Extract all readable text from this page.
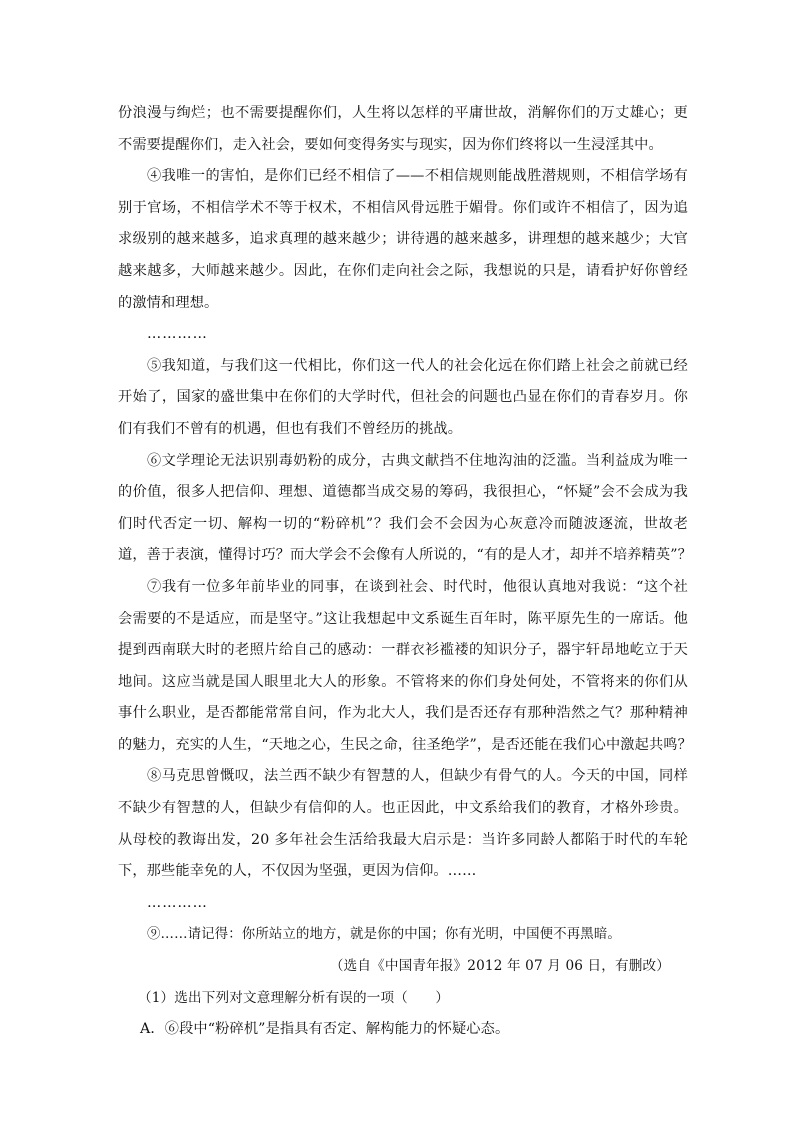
份浪漫与绚烂；也不需要提醒你们，人生将以怎样的平庸世故，消解你们的万丈雄心；更
不需要提醒你们，走入社会，要如何变得务实与现实，因为你们终将以一生浸淫其中。
④我唯一的害怕，是你们已经不相信了——不相信规则能战胜潜规则，不相信学场有
别于官场，不相信学术不等于权术，不相信风骨远胜于媚骨。你们或许不相信了，因为追
求级别的越来越多，追求真理的越来越少；讲待遇的越来越多，讲理想的越来越少；大官
越来越多，大师越来越少。因此，在你们走向社会之际，我想说的只是，请看护好你曾经
的激情和理想。
…………
⑤我知道，与我们这一代相比，你们这一代人的社会化远在你们踏上社会之前就已经
开始了，国家的盛世集中在你们的大学时代，但社会的问题也凸显在你们的青春岁月。你
们有我们不曾有的机遇，但也有我们不曾经历的挑战。
⑥文学理论无法识别毒奶粉的成分，古典文献挡不住地沟油的泛滥。当利益成为唯一
的价值，很多人把信仰、理想、道德都当成交易的筹码，我很担心，“怀疑”会不会成为我
们时代否定一切、解构一切的“粉碎机”？我们会不会因为心灰意冷而随波逐流，世故老
道，善于表演，懂得讨巧？而大学会不会像有人所说的，“有的是人才，却并不培养精英”？
⑦我有一位多年前毕业的同事，在谈到社会、时代时，他很认真地对我说：“这个社
会需要的不是适应，而是坚守。”这让我想起中文系诞生百年时，陈平原先生的一席话。他
提到西南联大时的老照片给自己的感动：一群衣衫褴褛的知识分子，器宇轩昂地屹立于天
地间。这应当就是国人眼里北大人的形象。不管将来的你们身处何处，不管将来的你们从
事什么职业，是否都能常常自问，作为北大人，我们是否还存有那种浩然之气？那种精神
的魅力，充实的人生，“天地之心，生民之命，往圣绝学”，是否还能在我们心中激起共鸣？
⑧马克思曾慨叹，法兰西不缺少有智慧的人，但缺少有骨气的人。今天的中国，同样
不缺少有智慧的人，但缺少有信仰的人。也正因此，中文系给我们的教育，才格外珍贵。
从母校的教诲出发，20 多年社会生活给我最大启示是：当许多同龄人都陷于时代的车轮
下，那些能幸免的人，不仅因为坚强，更因为信仰。……
…………
⑨……请记得：你所站立的地方，就是你的中国；你有光明，中国便不再黑暗。
（选自《中国青年报》2012 年 07 月 06 日，有删改）
（1）选出下列对文意理解分析有误的一项（　　）
A．⑥段中“粉碎机”是指具有否定、解构能力的怀疑心态。
